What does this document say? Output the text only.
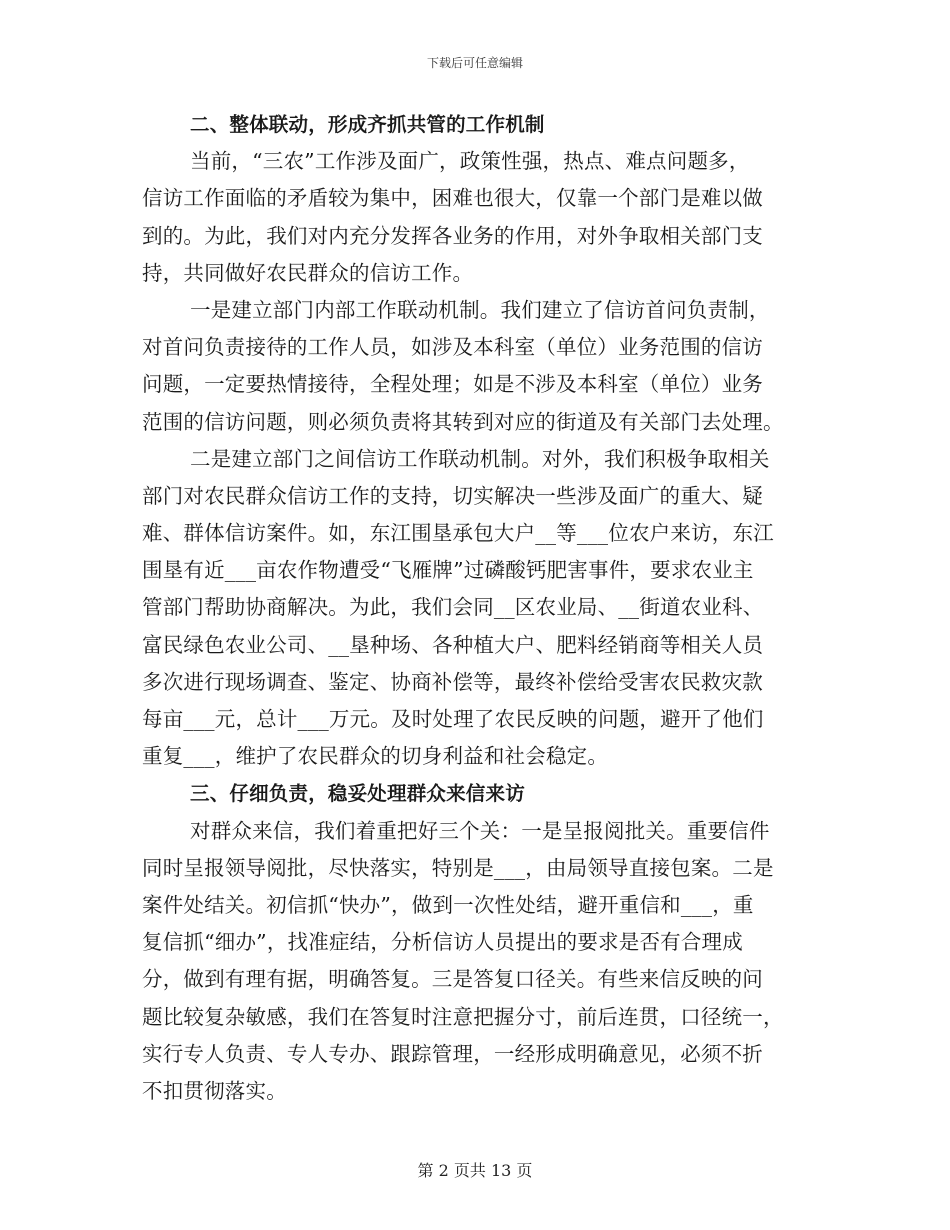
下载后可任意编辑
二、整体联动，形成齐抓共管的工作机制
当前，“三农”工作涉及面广，政策性强，热点、难点问题多，
信访工作面临的矛盾较为集中，困难也很大，仅靠一个部门是难以做
到的。为此，我们对内充分发挥各业务的作用，对外争取相关部门支
持，共同做好农民群众的信访工作。
一是建立部门内部工作联动机制。我们建立了信访首问负责制，
对首问负责接待的工作人员，如涉及本科室（单位）业务范围的信访
问题，一定要热情接待，全程处理；如是不涉及本科室（单位）业务
范围的信访问题，则必须负责将其转到对应的街道及有关部门去处理。
二是建立部门之间信访工作联动机制。对外，我们积极争取相关
部门对农民群众信访工作的支持，切实解决一些涉及面广的重大、疑
难、群体信访案件。如，东江围垦承包大户__等___位农户来访，东江
围垦有近___亩农作物遭受“飞雁牌”过磷酸钙肥害事件，要求农业主
管部门帮助协商解决。为此，我们会同__区农业局、__街道农业科、
富民绿色农业公司、__垦种场、各种植大户、肥料经销商等相关人员
多次进行现场调查、鉴定、协商补偿等，最终补偿给受害农民救灾款
每亩___元，总计___万元。及时处理了农民反映的问题，避开了他们
重复___，维护了农民群众的切身利益和社会稳定。
三、仔细负责，稳妥处理群众来信来访
对群众来信，我们着重把好三个关：一是呈报阅批关。重要信件
同时呈报领导阅批，尽快落实，特别是___，由局领导直接包案。二是
案件处结关。初信抓“快办”，做到一次性处结，避开重信和___，重
复信抓“细办”，找准症结，分析信访人员提出的要求是否有合理成
分，做到有理有据，明确答复。三是答复口径关。有些来信反映的问
题比较复杂敏感，我们在答复时注意把握分寸，前后连贯，口径统一，
实行专人负责、专人专办、跟踪管理，一经形成明确意见，必须不折
不扣贯彻落实。
第 2 页共 13 页
